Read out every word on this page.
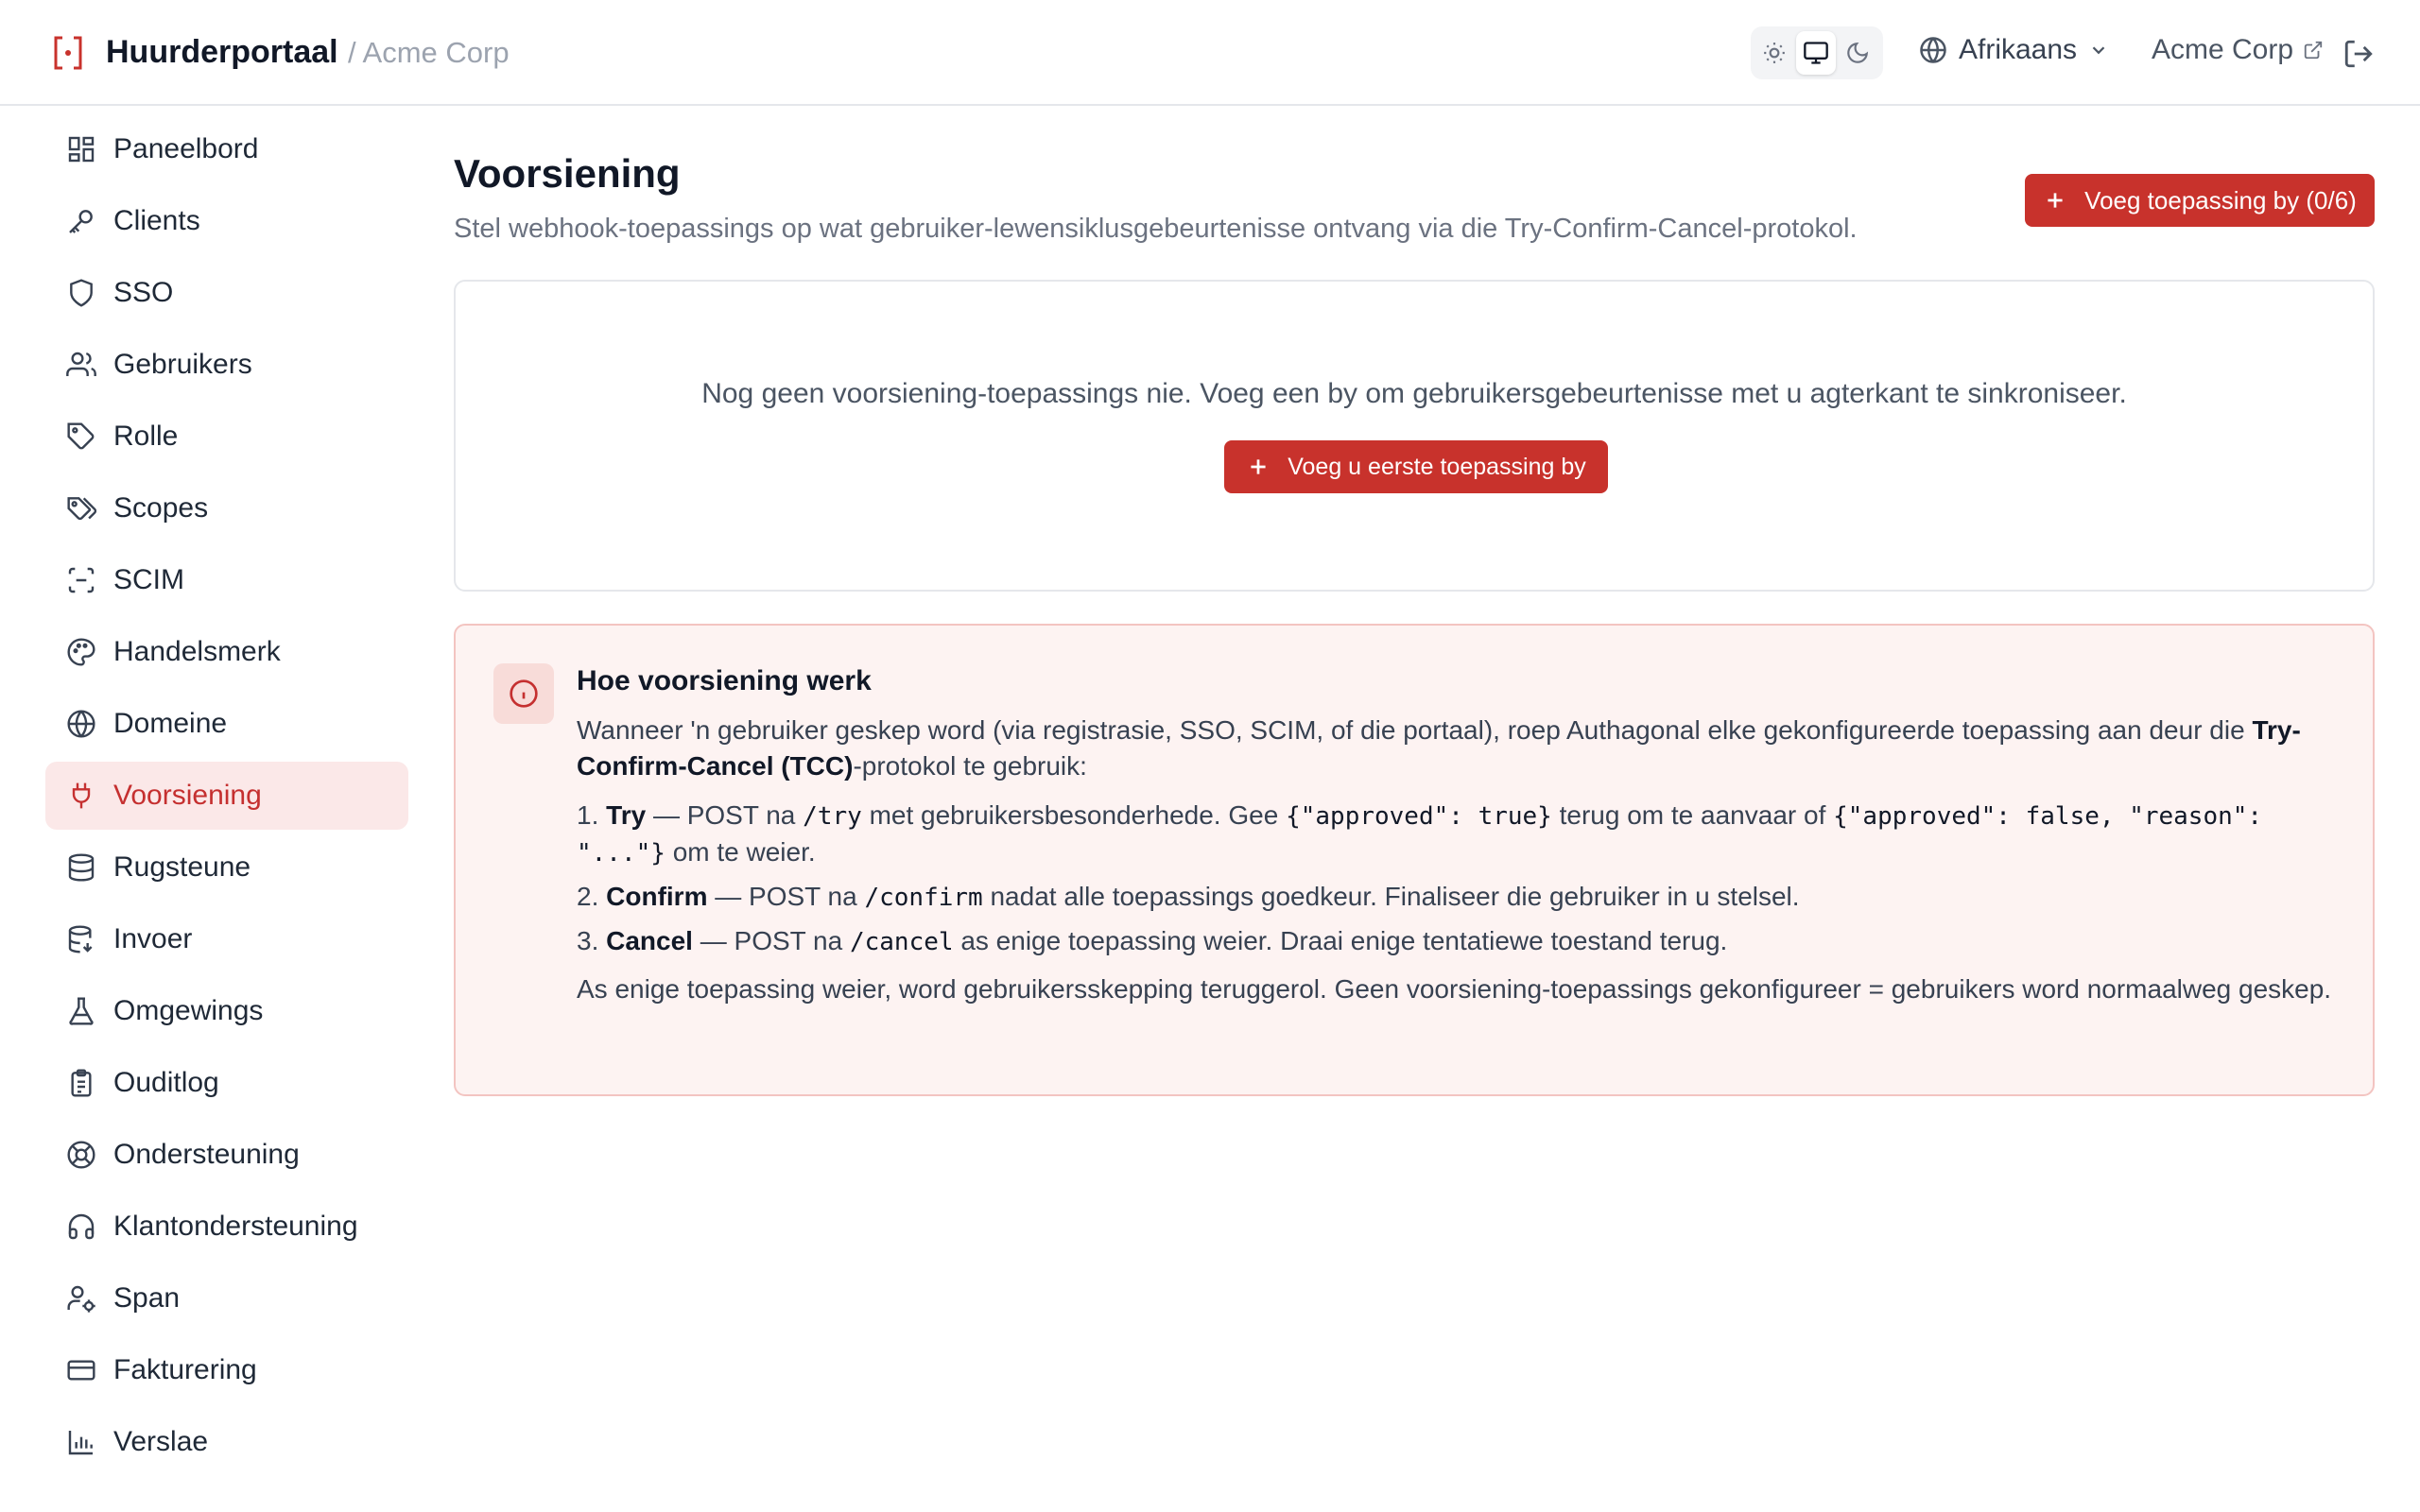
Huurderportaal / Acme Corp	Afrikaans	Acme Corp
Paneelbord
Clients
SSO
Gebruikers
Rolle
Scopes
SCIM
Handelsmerk
Domeine
Voorsiening
Rugsteune
Invoer
Omgewings
Ouditlog
Ondersteuning
Klantondersteuning
Span
Fakturering
Verslae
Voorsiening
Stel webhook-toepassings op wat gebruiker-lewensiklusgebeurtenisse ontvang via die Try-Confirm-Cancel-protokol.
Voeg toepassing by (0/6)
Nog geen voorsiening-toepassings nie. Voeg een by om gebruikersgebeurtenisse met u agterkant te sinkroniseer.
Voeg u eerste toepassing by
Hoe voorsiening werk

Wanneer 'n gebruiker geskep word (via registrasie, SSO, SCIM, of die portaal), roep Authagonal elke gekonfigureerde toepassing aan deur die Try-Confirm-Cancel (TCC)-protokol te gebruik:

1. Try — POST na /try met gebruikersbesonderhede. Gee {"approved": true} terug om te aanvaar of {"approved": false, "reason": "..."} om te weier.
2. Confirm — POST na /confirm nadat alle toepassings goedkeur. Finaliseer die gebruiker in u stelsel.
3. Cancel — POST na /cancel as enige toepassing weier. Draai enige tentatiewe toestand terug.

As enige toepassing weier, word gebruikersskepping teruggerol. Geen voorsiening-toepassings gekonfigureer = gebruikers word normaalweg geskep.
